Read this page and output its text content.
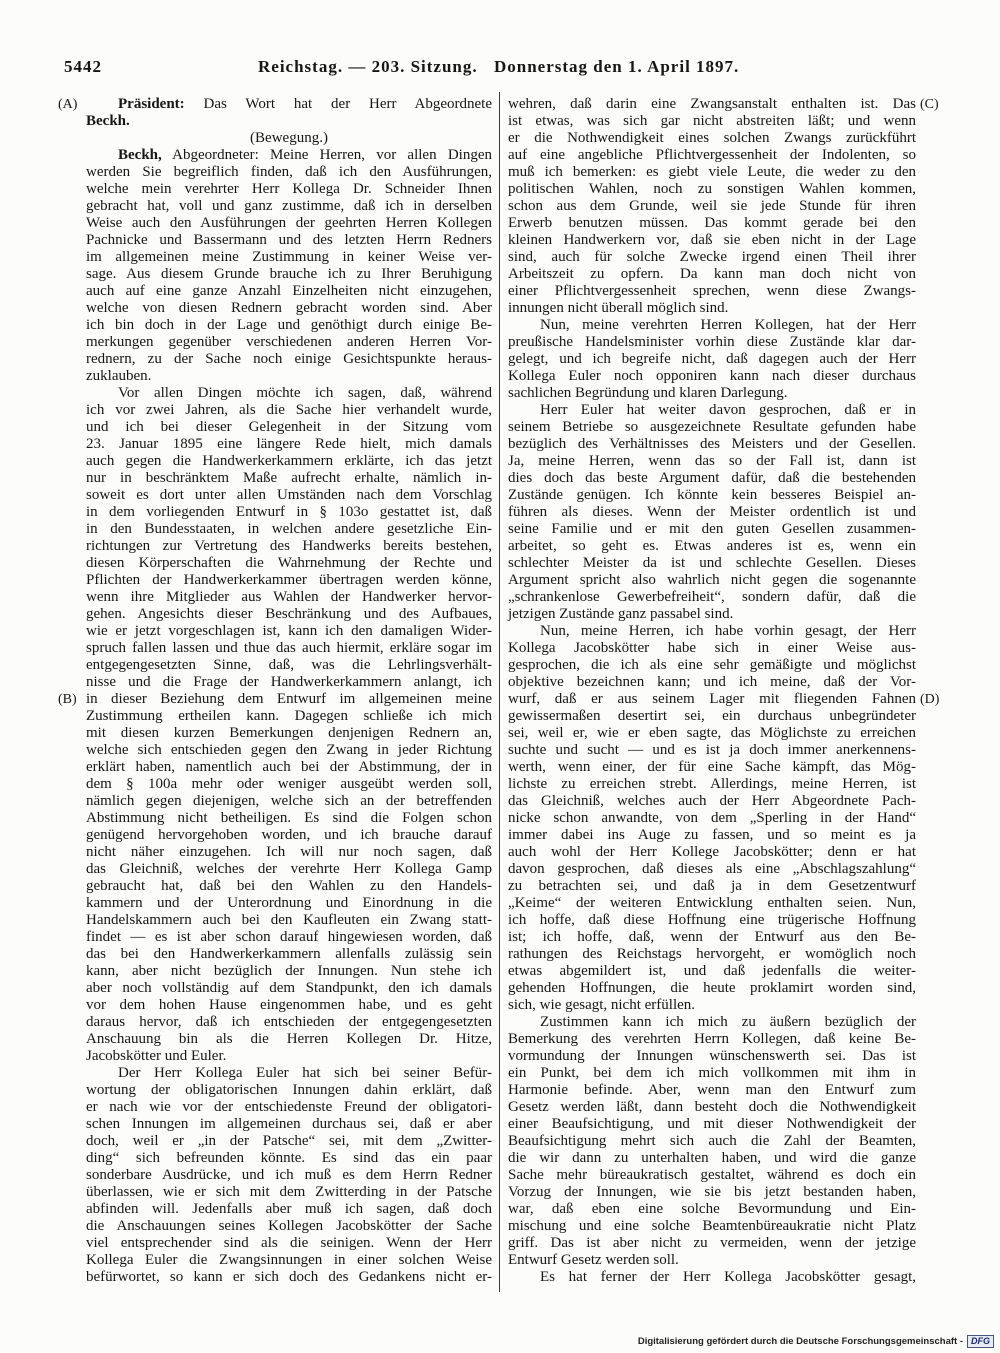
5442	Reichstag. — 203. Sitzung. Donnerstag den 1. April 1897.
(A)
(B)
(C)
(D)
Präsident: Das Wort hat der Herr Abgeordnete
Beckh.
(Bewegung.)
Beckh, Abgeordneter: Meine Herren, vor allen Dingen
werden Sie begreiflich finden, daß ich den Ausführungen,
welche mein verehrter Herr Kollega Dr. Schneider Ihnen
gebracht hat, voll und ganz zustimme, daß ich in derselben
Weise auch den Ausführungen der geehrten Herren Kollegen
Pachnicke und Bassermann und des letzten Herrn Redners
im allgemeinen meine Zustimmung in keiner Weise ver-
sage. Aus diesem Grunde brauche ich zu Ihrer Beruhigung
auch auf eine ganze Anzahl Einzelheiten nicht einzugehen,
welche von diesen Rednern gebracht worden sind. Aber
ich bin doch in der Lage und genöthigt durch einige Be-
merkungen gegenüber verschiedenen anderen Herren Vor-
rednern, zu der Sache noch einige Gesichtspunkte heraus-
zuklauben.
Vor allen Dingen möchte ich sagen, daß, während
ich vor zwei Jahren, als die Sache hier verhandelt wurde,
und ich bei dieser Gelegenheit in der Sitzung vom
23. Januar 1895 eine längere Rede hielt, mich damals
auch gegen die Handwerkerkammern erklärte, ich das jetzt
nur in beschränktem Maße aufrecht erhalte, nämlich in-
soweit es dort unter allen Umständen nach dem Vorschlag
in dem vorliegenden Entwurf in § 103o gestattet ist, daß
in den Bundesstaaten, in welchen andere gesetzliche Ein-
richtungen zur Vertretung des Handwerks bereits bestehen,
diesen Körperschaften die Wahrnehmung der Rechte und
Pflichten der Handwerkerkammer übertragen werden könne,
wenn ihre Mitglieder aus Wahlen der Handwerker hervor-
gehen. Angesichts dieser Beschränkung und des Aufbaues,
wie er jetzt vorgeschlagen ist, kann ich den damaligen Wider-
spruch fallen lassen und thue das auch hiermit, erkläre sogar im
entgegengesetzten Sinne, daß, was die Lehrlingsverhält-
nisse und die Frage der Handwerkerkammern anlangt, ich
in dieser Beziehung dem Entwurf im allgemeinen meine
Zustimmung ertheilen kann. Dagegen schließe ich mich
mit diesen kurzen Bemerkungen denjenigen Rednern an,
welche sich entschieden gegen den Zwang in jeder Richtung
erklärt haben, namentlich auch bei der Abstimmung, der in
dem § 100a mehr oder weniger ausgeübt werden soll,
nämlich gegen diejenigen, welche sich an der betreffenden
Abstimmung nicht betheiligen. Es sind die Folgen schon
genügend hervorgehoben worden, und ich brauche darauf
nicht näher einzugehen. Ich will nur noch sagen, daß
das Gleichniß, welches der verehrte Herr Kollega Gamp
gebraucht hat, daß bei den Wahlen zu den Handels-
kammern und der Unterordnung und Einordnung in die
Handelskammern auch bei den Kaufleuten ein Zwang statt-
findet — es ist aber schon darauf hingewiesen worden, daß
das bei den Handwerkerkammern allenfalls zulässig sein
kann, aber nicht bezüglich der Innungen. Nun stehe ich
aber noch vollständig auf dem Standpunkt, den ich damals
vor dem hohen Hause eingenommen habe, und es geht
daraus hervor, daß ich entschieden der entgegengesetzten
Anschauung bin als die Herren Kollegen Dr. Hitze,
Jacobskötter und Euler.
Der Herr Kollega Euler hat sich bei seiner Befür-
wortung der obligatorischen Innungen dahin erklärt, daß
er nach wie vor der entschiedenste Freund der obligatori-
schen Innungen im allgemeinen durchaus sei, daß er aber
doch, weil er „in der Patsche“ sei, mit dem „Zwitter-
ding“ sich befreunden könnte. Es sind das ein paar
sonderbare Ausdrücke, und ich muß es dem Herrn Redner
überlassen, wie er sich mit dem Zwitterding in der Patsche
abfinden will. Jedenfalls aber muß ich sagen, daß doch
die Anschauungen seines Kollegen Jacobskötter der Sache
viel entsprechender sind als die seinigen. Wenn der Herr
Kollega Euler die Zwangsinnungen in einer solchen Weise
befürwortet, so kann er sich doch des Gedankens nicht er-
wehren, daß darin eine Zwangsanstalt enthalten ist. Das
ist etwas, was sich gar nicht abstreiten läßt; und wenn
er die Nothwendigkeit eines solchen Zwangs zurückführt
auf eine angebliche Pflichtvergessenheit der Indolenten, so
muß ich bemerken: es giebt viele Leute, die weder zu den
politischen Wahlen, noch zu sonstigen Wahlen kommen,
schon aus dem Grunde, weil sie jede Stunde für ihren
Erwerb benutzen müssen. Das kommt gerade bei den
kleinen Handwerkern vor, daß sie eben nicht in der Lage
sind, auch für solche Zwecke irgend einen Theil ihrer
Arbeitszeit zu opfern. Da kann man doch nicht von
einer Pflichtvergessenheit sprechen, wenn diese Zwangs-
innungen nicht überall möglich sind.
Nun, meine verehrten Herren Kollegen, hat der Herr
preußische Handelsminister vorhin diese Zustände klar dar-
gelegt, und ich begreife nicht, daß dagegen auch der Herr
Kollega Euler noch opponiren kann nach dieser durchaus
sachlichen Begründung und klaren Darlegung.
Herr Euler hat weiter davon gesprochen, daß er in
seinem Betriebe so ausgezeichnete Resultate gefunden habe
bezüglich des Verhältnisses des Meisters und der Gesellen.
Ja, meine Herren, wenn das so der Fall ist, dann ist
dies doch das beste Argument dafür, daß die bestehenden
Zustände genügen. Ich könnte kein besseres Beispiel an-
führen als dieses. Wenn der Meister ordentlich ist und
seine Familie und er mit den guten Gesellen zusammen-
arbeitet, so geht es. Etwas anderes ist es, wenn ein
schlechter Meister da ist und schlechte Gesellen. Dieses
Argument spricht also wahrlich nicht gegen die sogenannte
„schrankenlose Gewerbefreiheit“, sondern dafür, daß die
jetzigen Zustände ganz passabel sind.
Nun, meine Herren, ich habe vorhin gesagt, der Herr
Kollega Jacobskötter habe sich in einer Weise aus-
gesprochen, die ich als eine sehr gemäßigte und möglichst
objektive bezeichnen kann; und ich meine, daß der Vor-
wurf, daß er aus seinem Lager mit fliegenden Fahnen
gewissermaßen desertirt sei, ein durchaus unbegründeter
sei, weil er, wie er eben sagte, das Möglichste zu erreichen
suchte und sucht — und es ist ja doch immer anerkennens-
werth, wenn einer, der für eine Sache kämpft, das Mög-
lichste zu erreichen strebt. Allerdings, meine Herren, ist
das Gleichniß, welches auch der Herr Abgeordnete Pach-
nicke schon anwandte, von dem „Sperling in der Hand“
immer dabei ins Auge zu fassen, und so meint es ja
auch wohl der Herr Kollege Jacobskötter; denn er hat
davon gesprochen, daß dieses als eine „Abschlagszahlung“
zu betrachten sei, und daß ja in dem Gesetzentwurf
„Keime“ der weiteren Entwicklung enthalten seien. Nun,
ich hoffe, daß diese Hoffnung eine trügerische Hoffnung
ist; ich hoffe, daß, wenn der Entwurf aus den Be-
rathungen des Reichstags hervorgeht, er womöglich noch
etwas abgemildert ist, und daß jedenfalls die weiter-
gehenden Hoffnungen, die heute proklamirt worden sind,
sich, wie gesagt, nicht erfüllen.
Zustimmen kann ich mich zu äußern bezüglich der
Bemerkung des verehrten Herrn Kollegen, daß keine Be-
vormundung der Innungen wünschenswerth sei. Das ist
ein Punkt, bei dem ich mich vollkommen mit ihm in
Harmonie befinde. Aber, wenn man den Entwurf zum
Gesetz werden läßt, dann besteht doch die Nothwendigkeit
einer Beaufsichtigung, und mit dieser Nothwendigkeit der
Beaufsichtigung mehrt sich auch die Zahl der Beamten,
die wir dann zu unterhalten haben, und wird die ganze
Sache mehr büreaukratisch gestaltet, während es doch ein
Vorzug der Innungen, wie sie bis jetzt bestanden haben,
war, daß eben eine solche Bevormundung und Ein-
mischung und eine solche Beamtenbüreaukratie nicht Platz
griff. Das ist aber nicht zu vermeiden, wenn der jetzige
Entwurf Gesetz werden soll.
Es hat ferner der Herr Kollega Jacobskötter gesagt,
Digitalisierung gefördert durch die Deutsche Forschungsgemeinschaft - DFG
